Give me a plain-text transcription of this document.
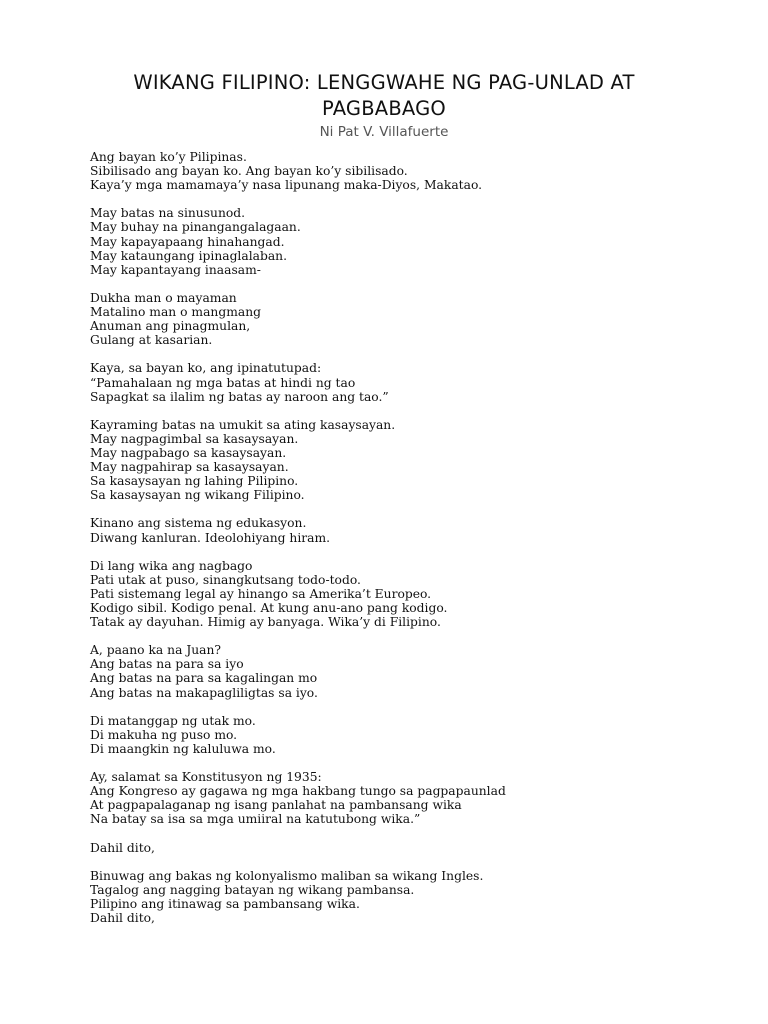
WIKANG FILIPINO: LENGGWAHE NG PAG-UNLAD AT PAGBABAGO

Ni Pat V. Villafuerte

Ang bayan ko’y Pilipinas.
Sibilisado ang bayan ko. Ang bayan ko’y sibilisado.
Kaya’y mga mamamaya’y nasa lipunang maka-Diyos, Makatao.
May batas na sinusunod.
May buhay na pinangangalagaan.
May kapayapaang hinahangad.
May kataungang ipinaglalaban.
May kapantayang inaasam-
Dukha man o mayaman
Matalino man o mangmang
Anuman ang pinagmulan,
Gulang at kasarian.
Kaya, sa bayan ko, ang ipinatutupad:
“Pamahalaan ng mga batas at hindi ng tao
Sapagkat sa ilalim ng batas ay naroon ang tao.”
Kayraming batas na umukit sa ating kasaysayan.
May nagpagimbal sa kasaysayan.
May nagpabago sa kasaysayan.
May nagpahirap sa kasaysayan.
Sa kasaysayan ng lahing Pilipino.
Sa kasaysayan ng wikang Filipino.
Kinano ang sistema ng edukasyon.
Diwang kanluran. Ideolohiyang hiram.
Di lang wika ang nagbago
Pati utak at puso, sinangkutsang todo-todo.
Pati sistemang legal ay hinango sa Amerika’t Europeo.
Kodigo sibil. Kodigo penal. At kung anu-ano pang kodigo.
Tatak ay dayuhan. Himig ay banyaga. Wika’y di Filipino.
A, paano ka na Juan?
Ang batas na para sa iyo
Ang batas na para sa kagalingan mo
Ang batas na makapagliligtas sa iyo.
Di matanggap ng utak mo.
Di makuha ng puso mo.
Di maangkin ng kaluluwa mo.
Ay, salamat sa Konstitusyon ng 1935:
Ang Kongreso ay gagawa ng mga hakbang tungo sa pagpapaunlad
At pagpapalaganap ng isang panlahat na pambansang wika
Na batay sa isa sa mga umiiral na katutubong wika.”
Dahil dito,
Binuwag ang bakas ng kolonyalismo maliban sa wikang Ingles.
Tagalog ang nagging batayan ng wikang pambansa.
Pilipino ang itinawag sa pambansang wika.
Dahil dito,
